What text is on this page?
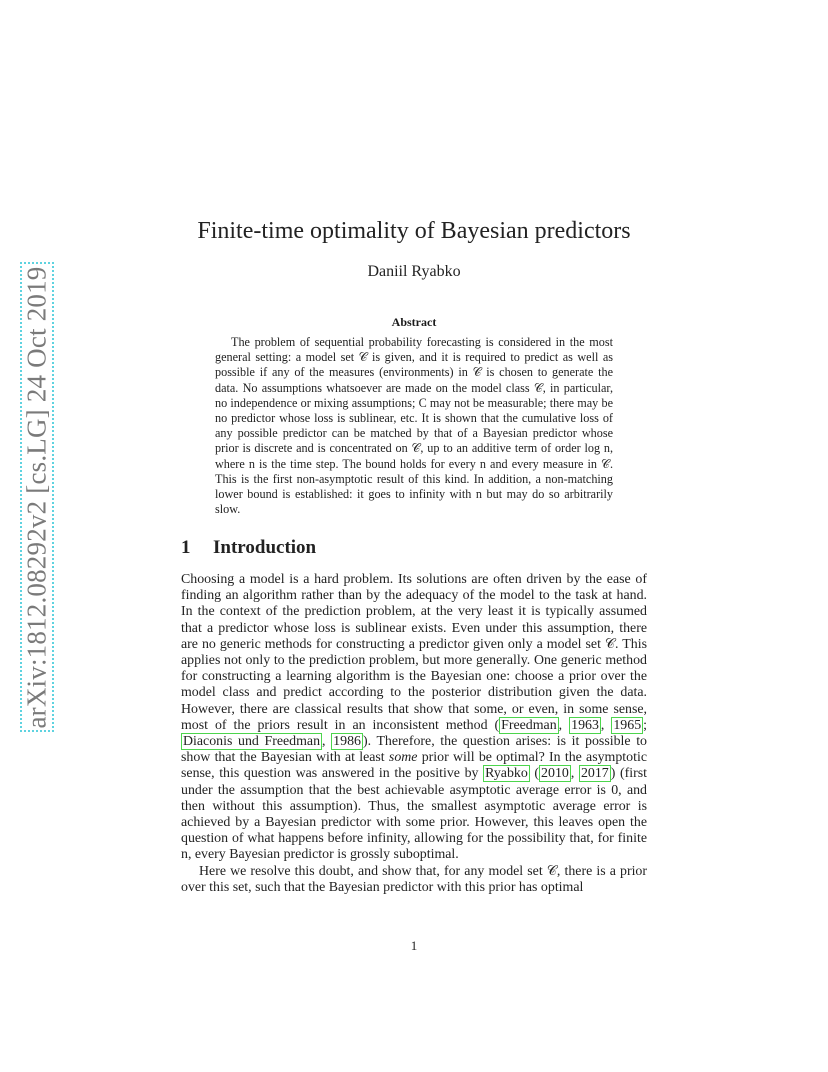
arXiv:1812.08292v2 [cs.LG] 24 Oct 2019
Finite-time optimality of Bayesian predictors
Daniil Ryabko
Abstract

The problem of sequential probability forecasting is considered in the most general setting: a model set 𝒞 is given, and it is required to predict as well as possible if any of the measures (environments) in 𝒞 is chosen to generate the data. No assumptions whatsoever are made on the model class 𝒞, in particular, no independence or mixing assumptions; C may not be measurable; there may be no predictor whose loss is sublinear, etc. It is shown that the cumulative loss of any possible predictor can be matched by that of a Bayesian predictor whose prior is discrete and is concentrated on 𝒞, up to an additive term of order log n, where n is the time step. The bound holds for every n and every measure in 𝒞. This is the first non-asymptotic result of this kind. In addition, a non-matching lower bound is established: it goes to infinity with n but may do so arbitrarily slow.

1 Introduction

Choosing a model is a hard problem. Its solutions are often driven by the ease of finding an algorithm rather than by the adequacy of the model to the task at hand. In the context of the prediction problem, at the very least it is typically assumed that a predictor whose loss is sublinear exists. Even under this assumption, there are no generic methods for constructing a predictor given only a model set 𝒞. This applies not only to the prediction problem, but more generally. One generic method for constructing a learning algorithm is the Bayesian one: choose a prior over the model class and predict according to the posterior distribution given the data. However, there are classical results that show that some, or even, in some sense, most of the priors result in an inconsistent method ( Freedman , 1963 , 1965 ; Diaconis und Freedman , 1986 ). Therefore, the question arises: is it possible to show that the Bayesian with at least some prior will be optimal? In the asymptotic sense, this question was answered in the positive by Ryabko ( 2010 , 2017 ) (first under the assumption that the best achievable asymptotic average error is 0, and then without this assumption). Thus, the smallest asymptotic average error is achieved by a Bayesian predictor with some prior. However, this leaves open the question of what happens before infinity, allowing for the possibility that, for finite n, every Bayesian predictor is grossly suboptimal.

Here we resolve this doubt, and show that, for any model set 𝒞, there is a prior over this set, such that the Bayesian predictor with this prior has optimal

1
